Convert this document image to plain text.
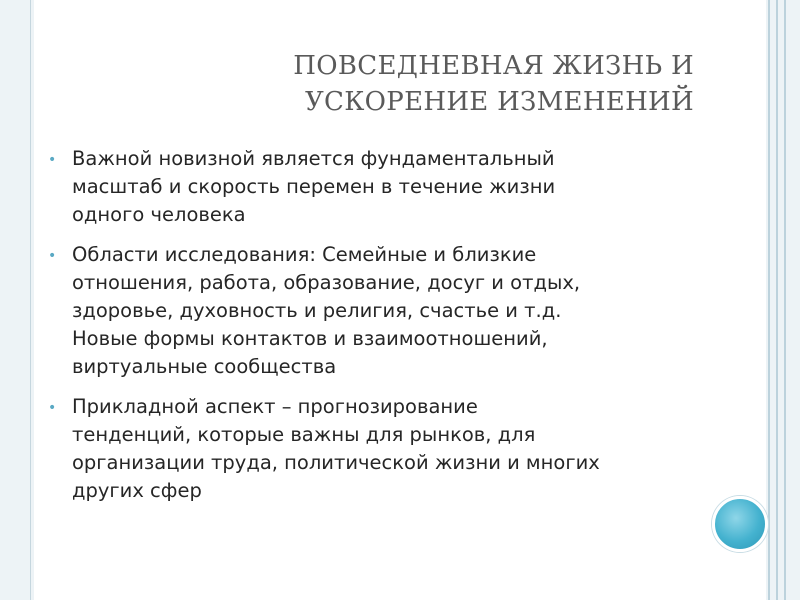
ПОВСЕДНЕВНАЯ ЖИЗНЬ И
УСКОРЕНИЕ ИЗМЕНЕНИЙ
• Важной новизной является фундаментальный
масштаб и скорость перемен в течение жизни
одного человека
• Области исследования: Семейные и близкие
отношения, работа, образование, досуг и отдых,
здоровье, духовность и религия, счастье и т.д.
Новые формы контактов и взаимоотношений,
виртуальные сообщества
• Прикладной аспект – прогнозирование
тенденций, которые важны для рынков, для
организации труда, политической жизни и многих
других сфер
